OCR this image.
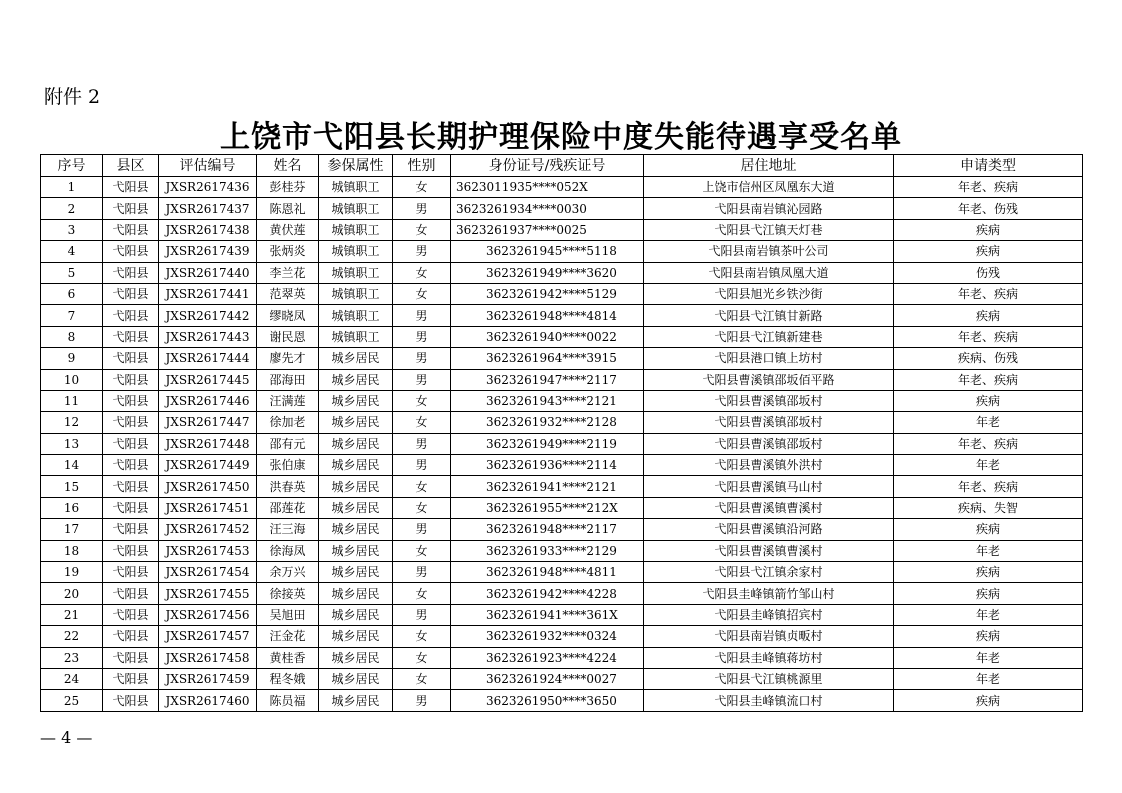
附件 2
上饶市弋阳县长期护理保险中度失能待遇享受名单
序号	县区	评估编号	姓名	参保属性	性别	身份证号/残疾证号	居住地址	申请类型
1	弋阳县	JXSR2617436	彭桂芬	城镇职工	女	3623011935****052X	上饶市信州区凤凰东大道	年老、疾病
2	弋阳县	JXSR2617437	陈恩礼	城镇职工	男	3623261934****0030	弋阳县南岩镇沁园路	年老、伤残
3	弋阳县	JXSR2617438	黄伏莲	城镇职工	女	3623261937****0025	弋阳县弋江镇天灯巷	疾病
4	弋阳县	JXSR2617439	张炳炎	城镇职工	男	3623261945****5118	弋阳县南岩镇茶叶公司	疾病
5	弋阳县	JXSR2617440	李兰花	城镇职工	女	3623261949****3620	弋阳县南岩镇凤凰大道	伤残
6	弋阳县	JXSR2617441	范翠英	城镇职工	女	3623261942****5129	弋阳县旭光乡铁沙街	年老、疾病
7	弋阳县	JXSR2617442	缪晓凤	城镇职工	男	3623261948****4814	弋阳县弋江镇甘新路	疾病
8	弋阳县	JXSR2617443	谢民恩	城镇职工	男	3623261940****0022	弋阳县弋江镇新建巷	年老、疾病
9	弋阳县	JXSR2617444	廖先才	城乡居民	男	3623261964****3915	弋阳县港口镇上坊村	疾病、伤残
10	弋阳县	JXSR2617445	邵海田	城乡居民	男	3623261947****2117	弋阳县曹溪镇邵坂佰平路	年老、疾病
11	弋阳县	JXSR2617446	汪满莲	城乡居民	女	3623261943****2121	弋阳县曹溪镇邵坂村	疾病
12	弋阳县	JXSR2617447	徐加老	城乡居民	女	3623261932****2128	弋阳县曹溪镇邵坂村	年老
13	弋阳县	JXSR2617448	邵有元	城乡居民	男	3623261949****2119	弋阳县曹溪镇邵坂村	年老、疾病
14	弋阳县	JXSR2617449	张伯康	城乡居民	男	3623261936****2114	弋阳县曹溪镇外洪村	年老
15	弋阳县	JXSR2617450	洪春英	城乡居民	女	3623261941****2121	弋阳县曹溪镇马山村	年老、疾病
16	弋阳县	JXSR2617451	邵莲花	城乡居民	女	3623261955****212X	弋阳县曹溪镇曹溪村	疾病、失智
17	弋阳县	JXSR2617452	汪三海	城乡居民	男	3623261948****2117	弋阳县曹溪镇沿河路	疾病
18	弋阳县	JXSR2617453	徐海凤	城乡居民	女	3623261933****2129	弋阳县曹溪镇曹溪村	年老
19	弋阳县	JXSR2617454	余万兴	城乡居民	男	3623261948****4811	弋阳县弋江镇余家村	疾病
20	弋阳县	JXSR2617455	徐接英	城乡居民	女	3623261942****4228	弋阳县圭峰镇箭竹邹山村	疾病
21	弋阳县	JXSR2617456	吴旭田	城乡居民	男	3623261941****361X	弋阳县圭峰镇招宾村	年老
22	弋阳县	JXSR2617457	汪金花	城乡居民	女	3623261932****0324	弋阳县南岩镇贞畈村	疾病
23	弋阳县	JXSR2617458	黄桂香	城乡居民	女	3623261923****4224	弋阳县圭峰镇蒋坊村	年老
24	弋阳县	JXSR2617459	程冬娥	城乡居民	女	3623261924****0027	弋阳县弋江镇桃源里	年老
25	弋阳县	JXSR2617460	陈员福	城乡居民	男	3623261950****3650	弋阳县圭峰镇流口村	疾病
— 4 —
